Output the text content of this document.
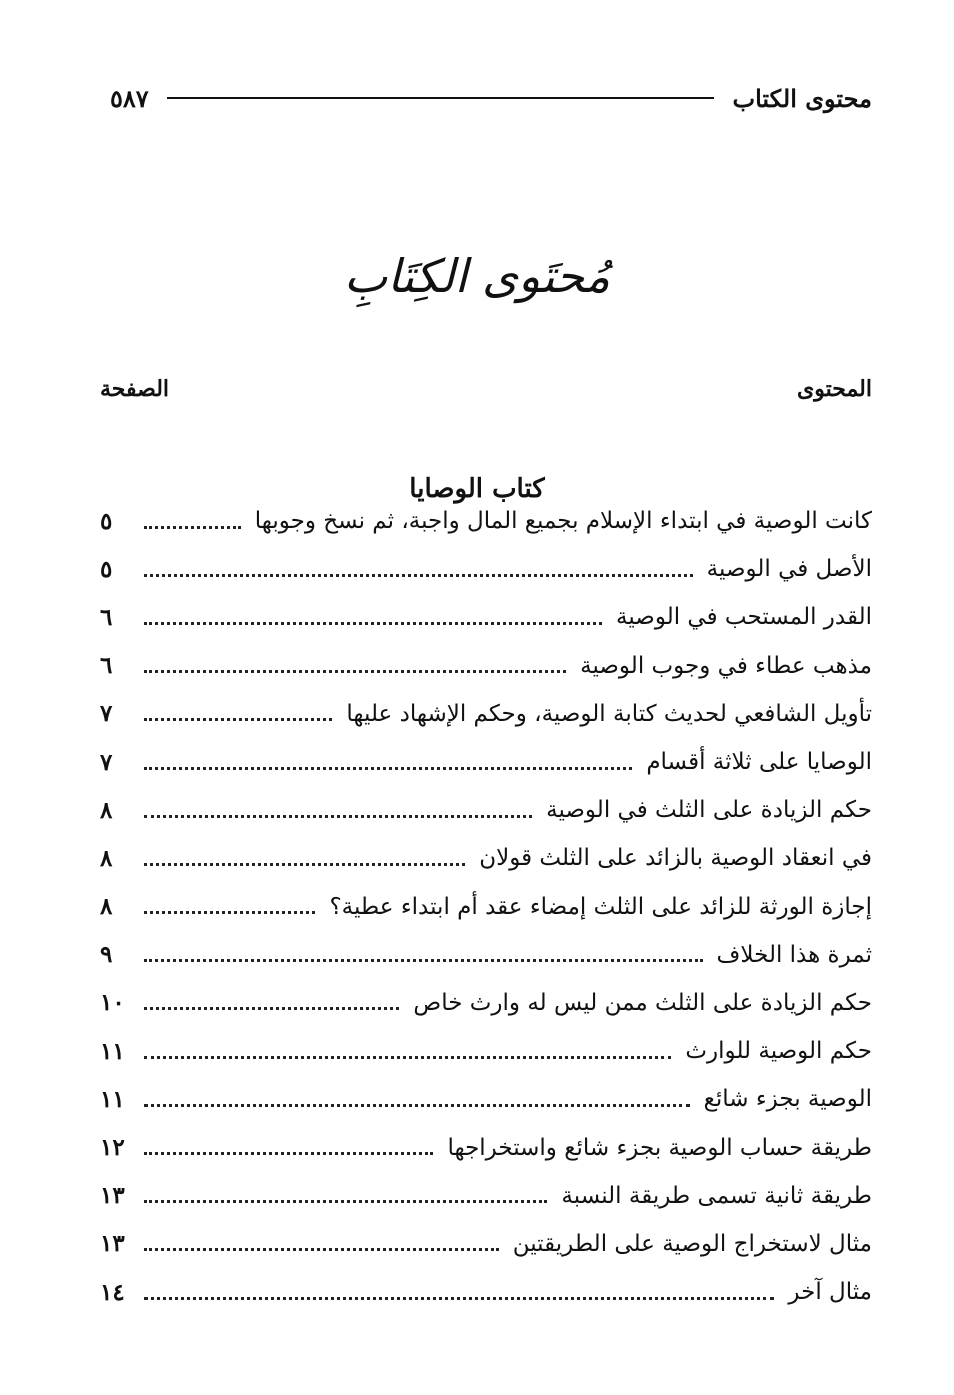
محتوى الكتاب
٥٨٧
مُحتَوى الكِتَابِ
المحتوى
الصفحة
كتاب الوصايا
كانت الوصية في ابتداء الإسلام بجميع المال واجبة، ثم نسخ وجوبها
٥
الأصل في الوصية
٥
القدر المستحب في الوصية
٦
مذهب عطاء في وجوب الوصية
٦
تأويل الشافعي لحديث كتابة الوصية، وحكم الإشهاد عليها
٧
الوصايا على ثلاثة أقسام
٧
حكم الزيادة على الثلث في الوصية
٨
في انعقاد الوصية بالزائد على الثلث قولان
٨
إجازة الورثة للزائد على الثلث إمضاء عقد أم ابتداء عطية؟
٨
ثمرة هذا الخلاف
٩
حكم الزيادة على الثلث ممن ليس له وارث خاص
١٠
حكم الوصية للوارث
١١
الوصية بجزء شائع
١١
طريقة حساب الوصية بجزء شائع واستخراجها
١٢
طريقة ثانية تسمى طريقة النسبة
١٣
مثال لاستخراج الوصية على الطريقتين
١٣
مثال آخر
١٤
